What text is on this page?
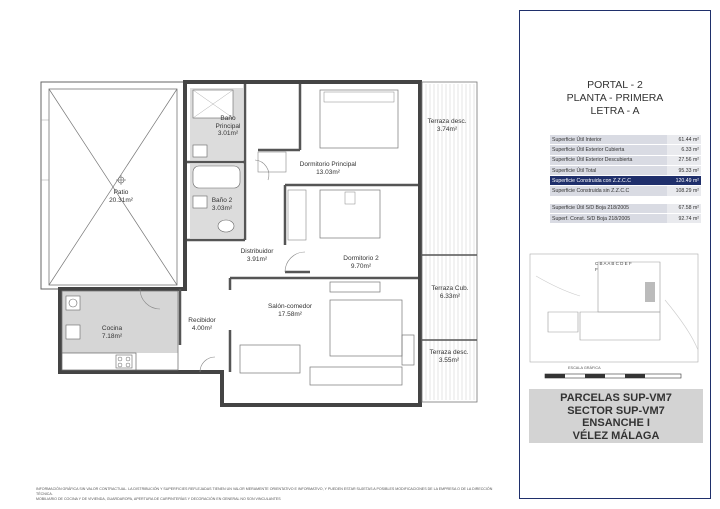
Patio
20.31m²
Baño Principal
3.01m²
Dormitorio Principal
13.03m²
Terraza desc.
3.74m²
Baño 2
3.03m²
Distribuidor
3.91m²	Dormitorio 2
9.70m²
Terraza Cub.
6.33m²
Cocina
7.18m²
Recibidor
4.00m²
Salón-comedor
17.58m²
Terraza desc.
3.55m²
PORTAL - 2
PLANTA - PRIMERA
LETRA - A
Superficie Útil Interior	61.44 m²
Superficie Útil Exterior Cubierta	6.33 m²
Superficie Útil Exterior Descubierta	27.56 m²
Superficie Útil Total	95.33 m²
Superficie Construida con Z.Z.C.C	120.49 m²
Superficie Construida sin Z.Z.C.C	108.29 m²

Superficie Útil S/D Boja 218/2005	67.58 m²
Superf. Const. S/D Boja 218/2005	92.74 m²
C B A A B C D E F F
ESCALA GRÁFICA
PARCELAS SUP-VM7
SECTOR SUP-VM7
ENSANCHE I
VÉLEZ MÁLAGA
INFORMACIÓN GRÁFICA SIN VALOR CONTRACTUAL. LA DISTRIBUCIÓN Y SUPERFICIES REFLEJADAS TIENEN UN VALOR MERAMENTE ORIENTATIVO E INFORMATIVO, Y PUEDEN ESTAR SUJETAS A POSIBLES MODIFICACIONES DE LA EMPRESA O DE LA DIRECCIÓN TÉCNICA.
MOBILIARIO DE COCINA Y DE VIVIENDA, GUARDAROPA, APERTURA DE CARPINTERÍAS Y DECORACIÓN EN GENERAL NO SON VINCULANTES
